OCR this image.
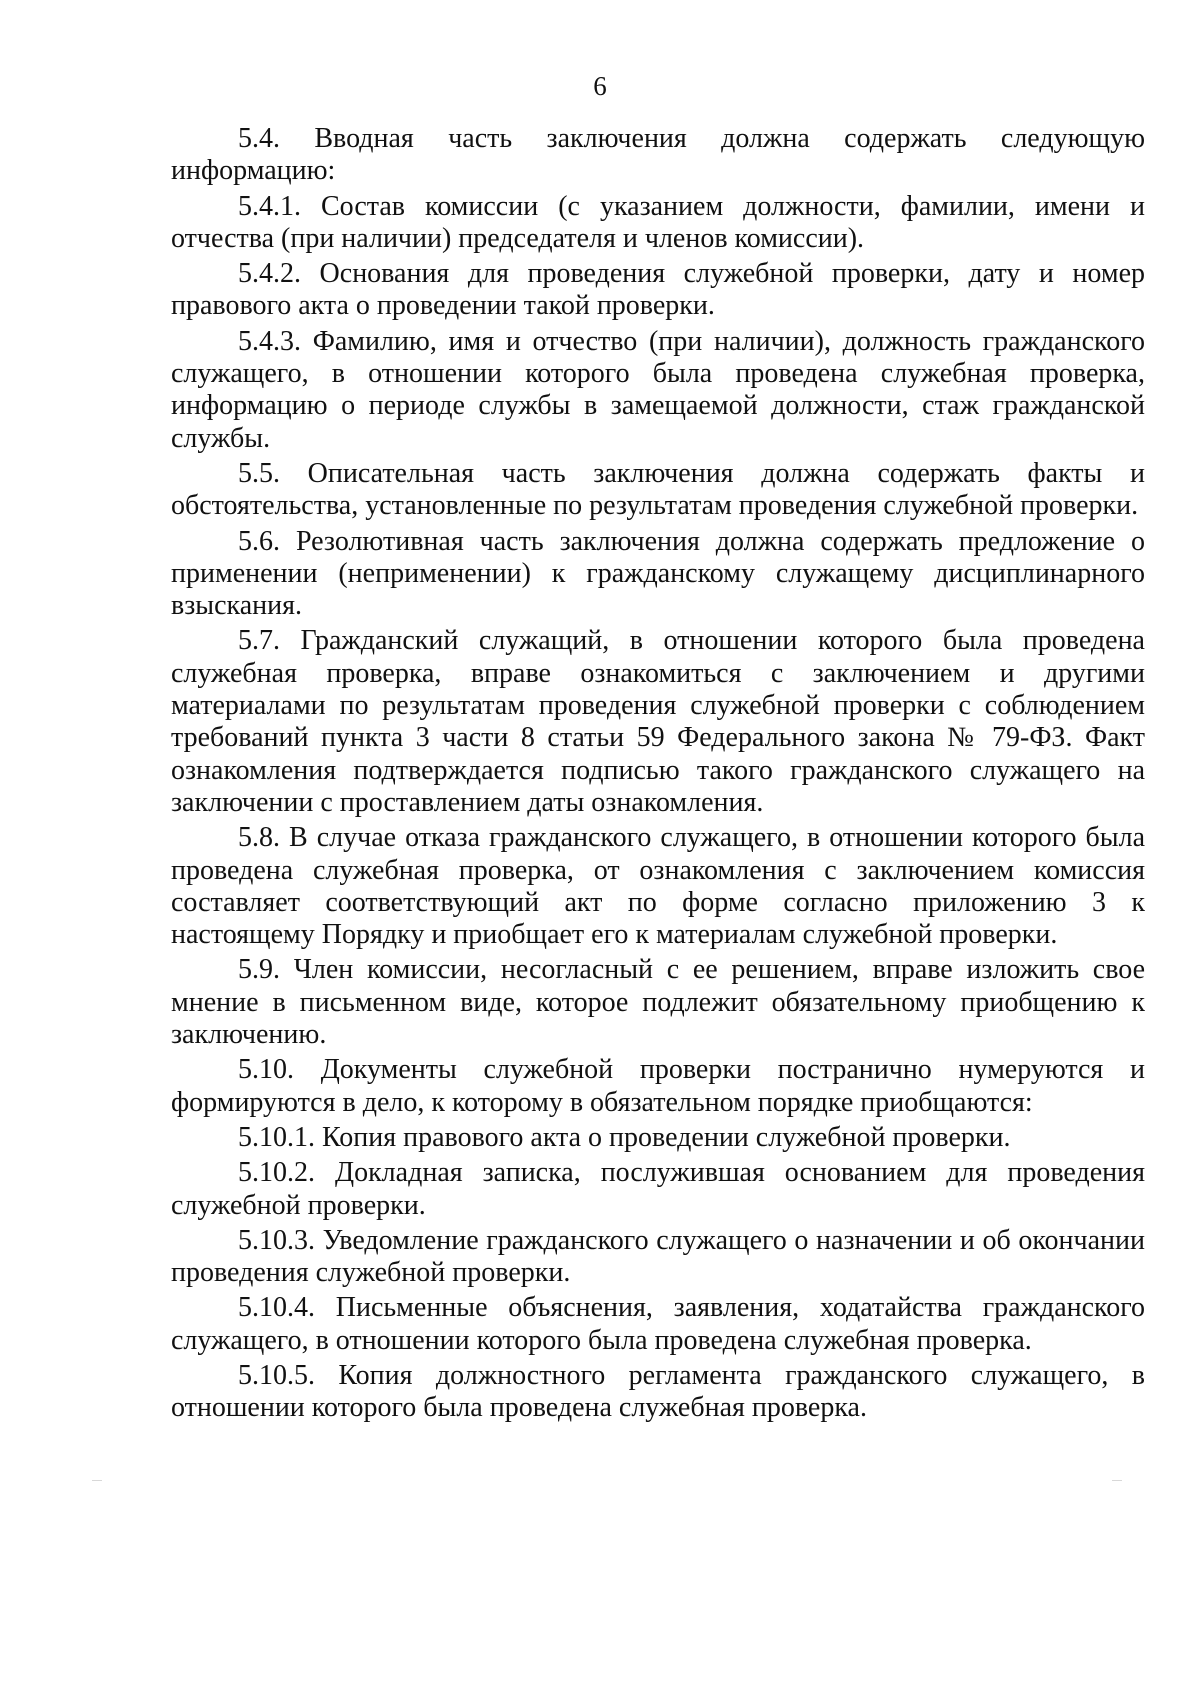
6

5.4. Вводная часть заключения должна содержать следующую информацию:

5.4.1. Состав комиссии (с указанием должности, фамилии, имени и отчества (при наличии) председателя и членов комиссии).

5.4.2. Основания для проведения служебной проверки, дату и номер правового акта о проведении такой проверки.

5.4.3. Фамилию, имя и отчество (при наличии), должность гражданского служащего, в отношении которого была проведена служебная проверка, информацию о периоде службы в замещаемой должности, стаж гражданской службы.

5.5. Описательная часть заключения должна содержать факты и обстоятельства, установленные по результатам проведения служебной проверки.

5.6. Резолютивная часть заключения должна содержать предложение о применении (неприменении) к гражданскому служащему дисциплинарного взыскания.

5.7. Гражданский служащий, в отношении которого была проведена служебная проверка, вправе ознакомиться с заключением и другими материалами по результатам проведения служебной проверки с соблюдением требований пункта 3 части 8 статьи 59 Федерального закона № 79-ФЗ. Факт ознакомления подтверждается подписью такого гражданского служащего на заключении с проставлением даты ознакомления.

5.8. В случае отказа гражданского служащего, в отношении которого была проведена служебная проверка, от ознакомления с заключением комиссия составляет соответствующий акт по форме согласно приложению 3 к настоящему Порядку и приобщает его к материалам служебной проверки.

5.9. Член комиссии, несогласный с ее решением, вправе изложить свое мнение в письменном виде, которое подлежит обязательному приобщению к заключению.

5.10. Документы служебной проверки постранично нумеруются и формируются в дело, к которому в обязательном порядке приобщаются:

5.10.1. Копия правового акта о проведении служебной проверки.

5.10.2. Докладная записка, послужившая основанием для проведения служебной проверки.

5.10.3. Уведомление гражданского служащего о назначении и об окончании проведения служебной проверки.

5.10.4. Письменные объяснения, заявления, ходатайства гражданского служащего, в отношении которого была проведена служебная проверка.

5.10.5. Копия должностного регламента гражданского служащего, в отношении которого была проведена служебная проверка.
